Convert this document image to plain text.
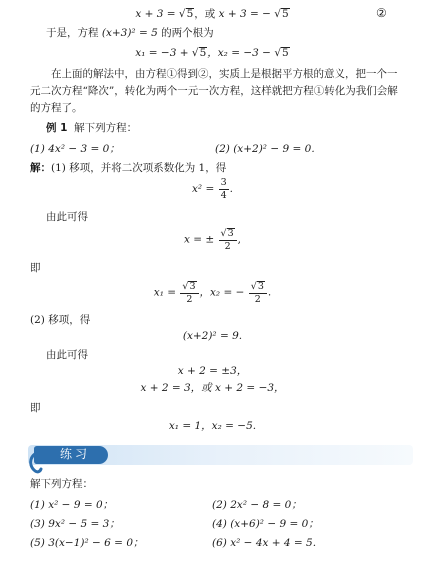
x + 3 = √5，或 x + 3 = − √5	②
于是，方程 (x+3)² = 5 的两个根为
x₁ = −3 + √5，x₂ = −3 − √5
在上面的解法中，由方程①得到②，实质上是根据平方根的意义，把一个一元二次方程“降次”，转化为两个一元一次方程，这样就把方程①转化为我们会解的方程了。
例 1 解下列方程：
(1) 4x² − 3 = 0；	(2) (x+2)² − 9 = 0.
解：(1) 移项，并将二次项系数化为 1，得
$x^2 = \frac{3}{4}$ .
由此可得
x = ± $\frac{√3}{2}$ ,
即
$x_1 = \frac{√3}{2}$ ，x₂ = − $\frac{√3}{2}$ .
(2) 移项，得
(x+2)² = 9.
由此可得
x + 2 = ±3，
x + 2 = 3，或 x + 2 = −3，
即
x₁ = 1，x₂ = −5.
练习
解下列方程：
(1) x² − 9 = 0；	(2) 2x² − 8 = 0；
(3) 9x² − 5 = 3；	(4) (x+6)² − 9 = 0；
(5) 3(x−1)² − 6 = 0；	(6) x² − 4x + 4 = 5.
